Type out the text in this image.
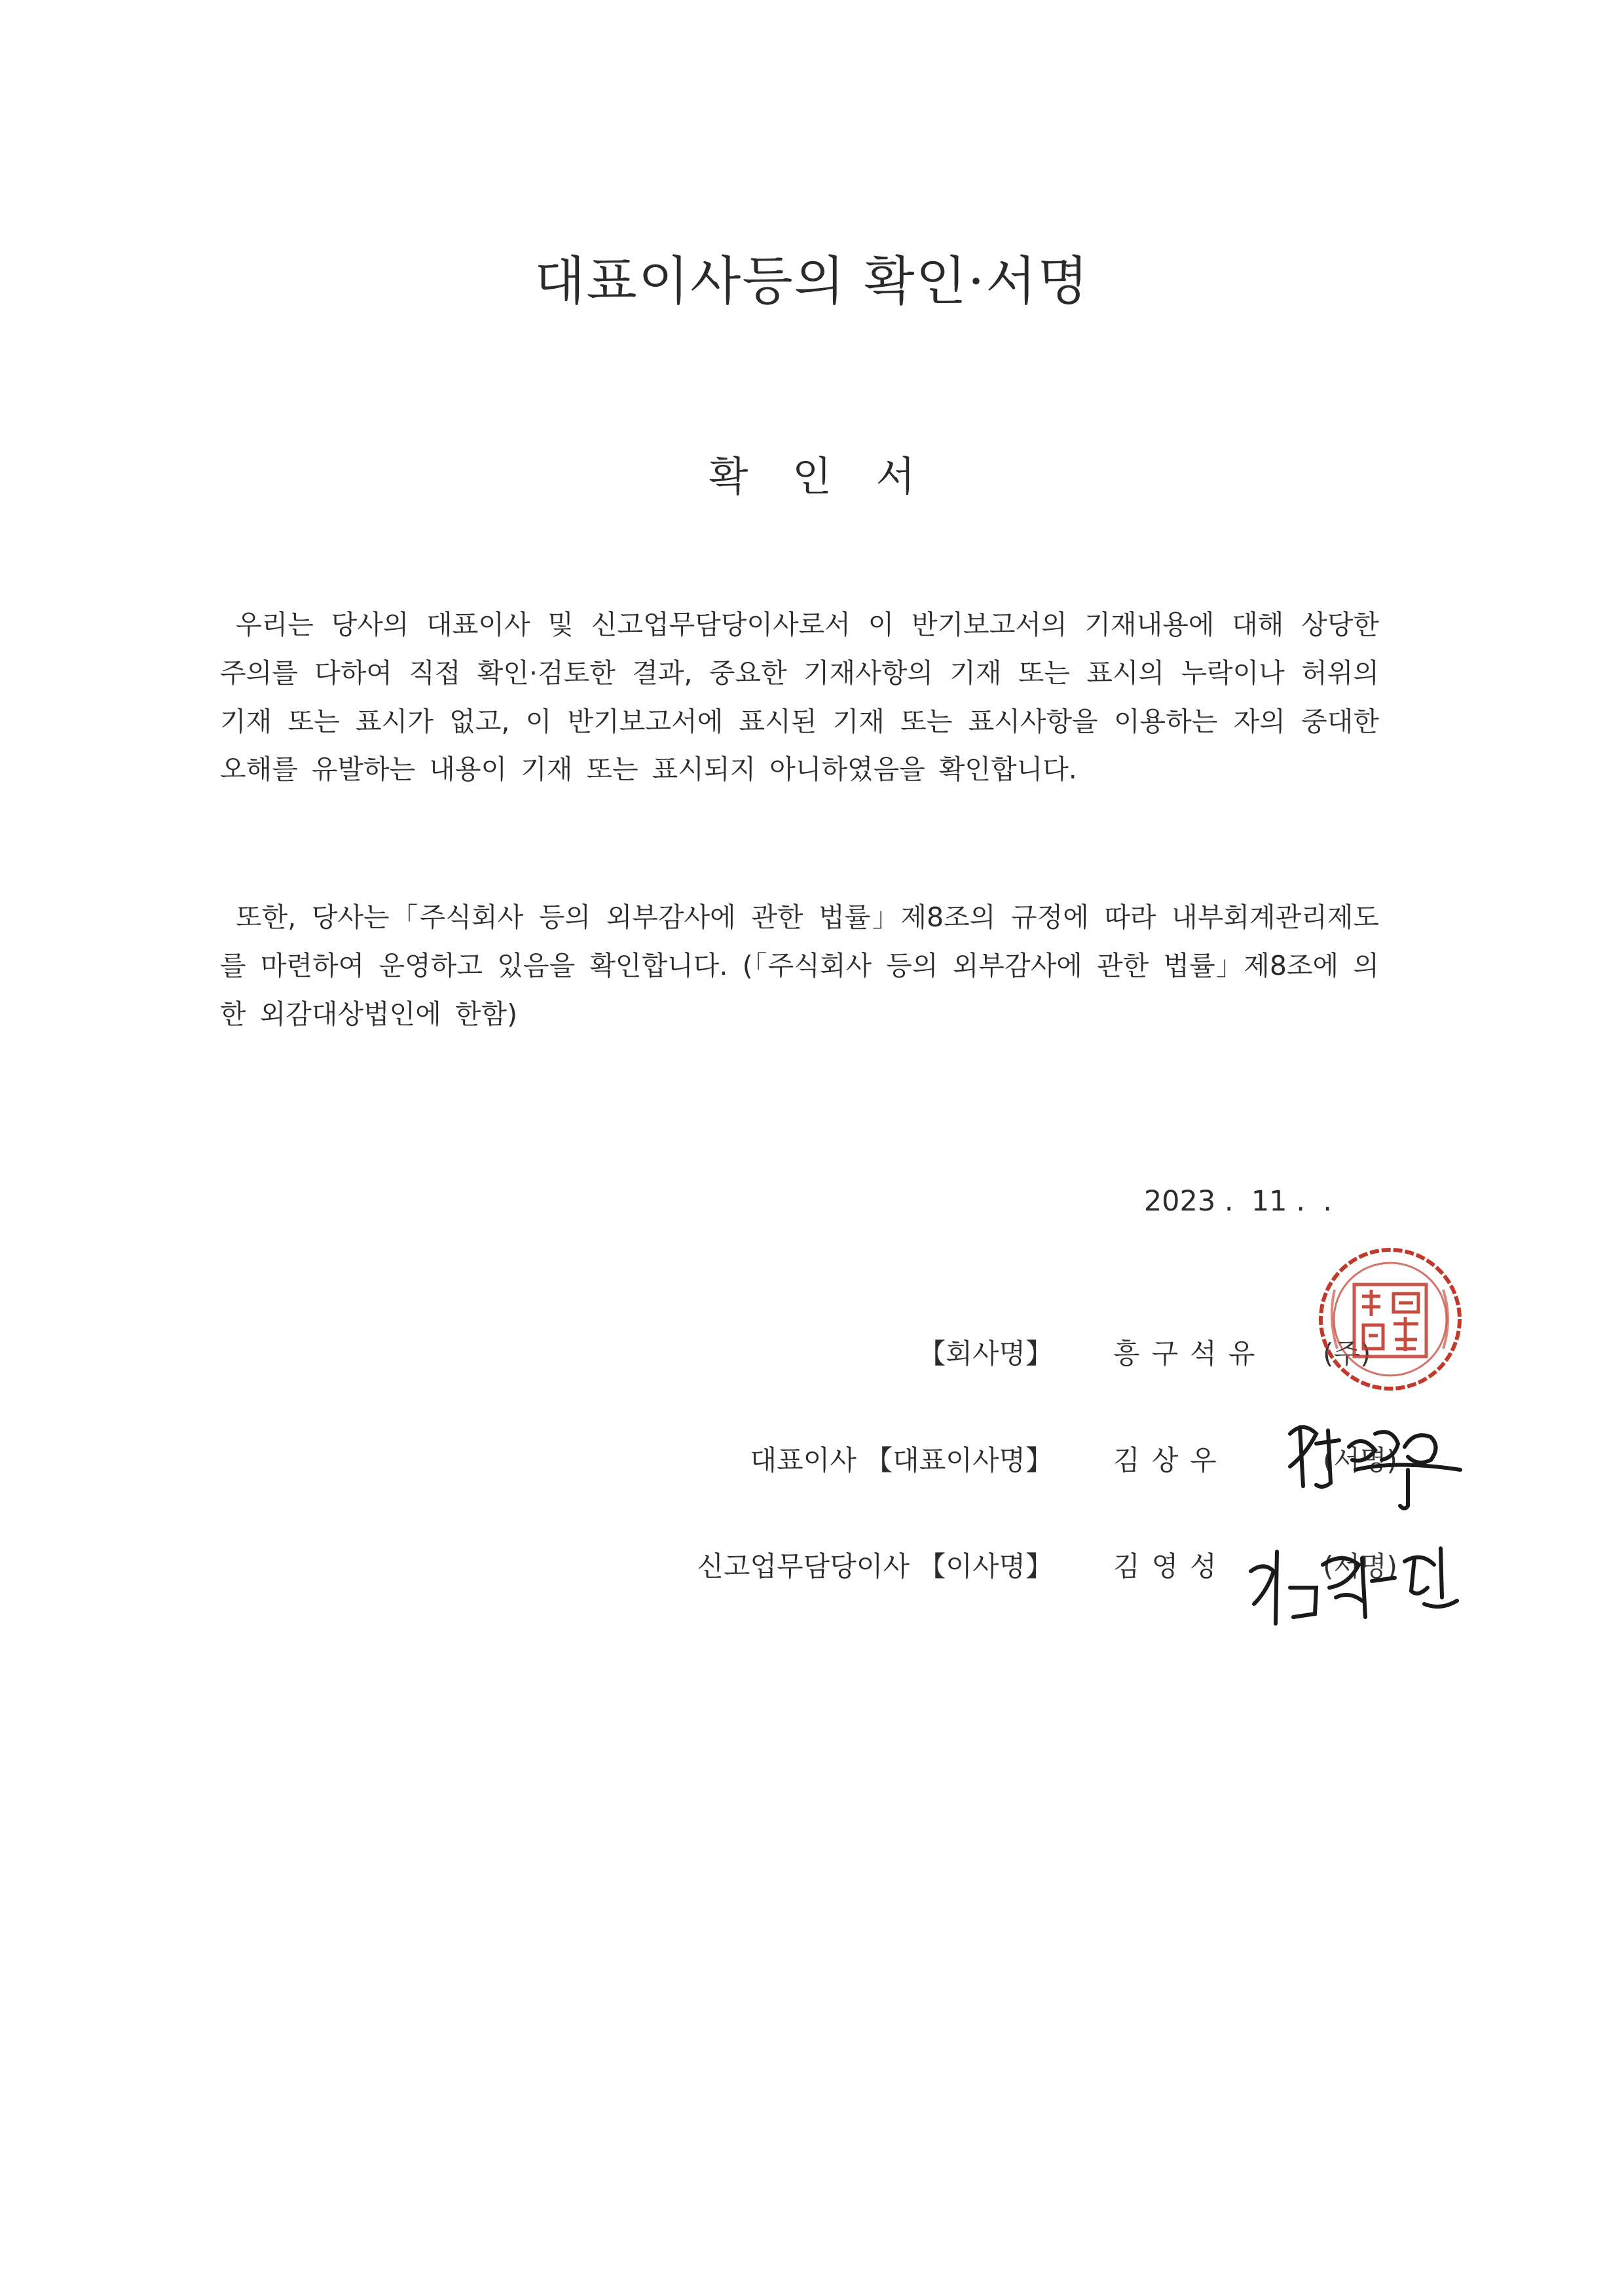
대표이사등의 확인·서명
확 인 서
우리는 당사의 대표이사 및 신고업무담당이사로서 이 반기보고서의 기재내용에 대해 상당한 주의를 다하여 직접 확인·검토한 결과, 중요한 기재사항의 기재 또는 표시의 누락이나 허위의 기재 또는 표시가 없고, 이 반기보고서에 표시된 기재 또는 표시사항을 이용하는 자의 중대한 오해를 유발하는 내용이 기재 또는 표시되지 아니하였음을 확인합니다.
또한, 당사는「주식회사 등의 외부감사에 관한 법률」제8조의 규정에 따라 내부회계관리제도를 마련하여 운영하고 있음을 확인합니다. (「주식회사 등의 외부감사에 관한 법률」제8조에 의한 외감대상법인에 한함)
2023 .  11 .  .
【회사명】 흥구석유 (주)
대표이사 【대표이사명】 김상우	(서명)
신고업무담당이사 【이사명】 김영성	(서명)
